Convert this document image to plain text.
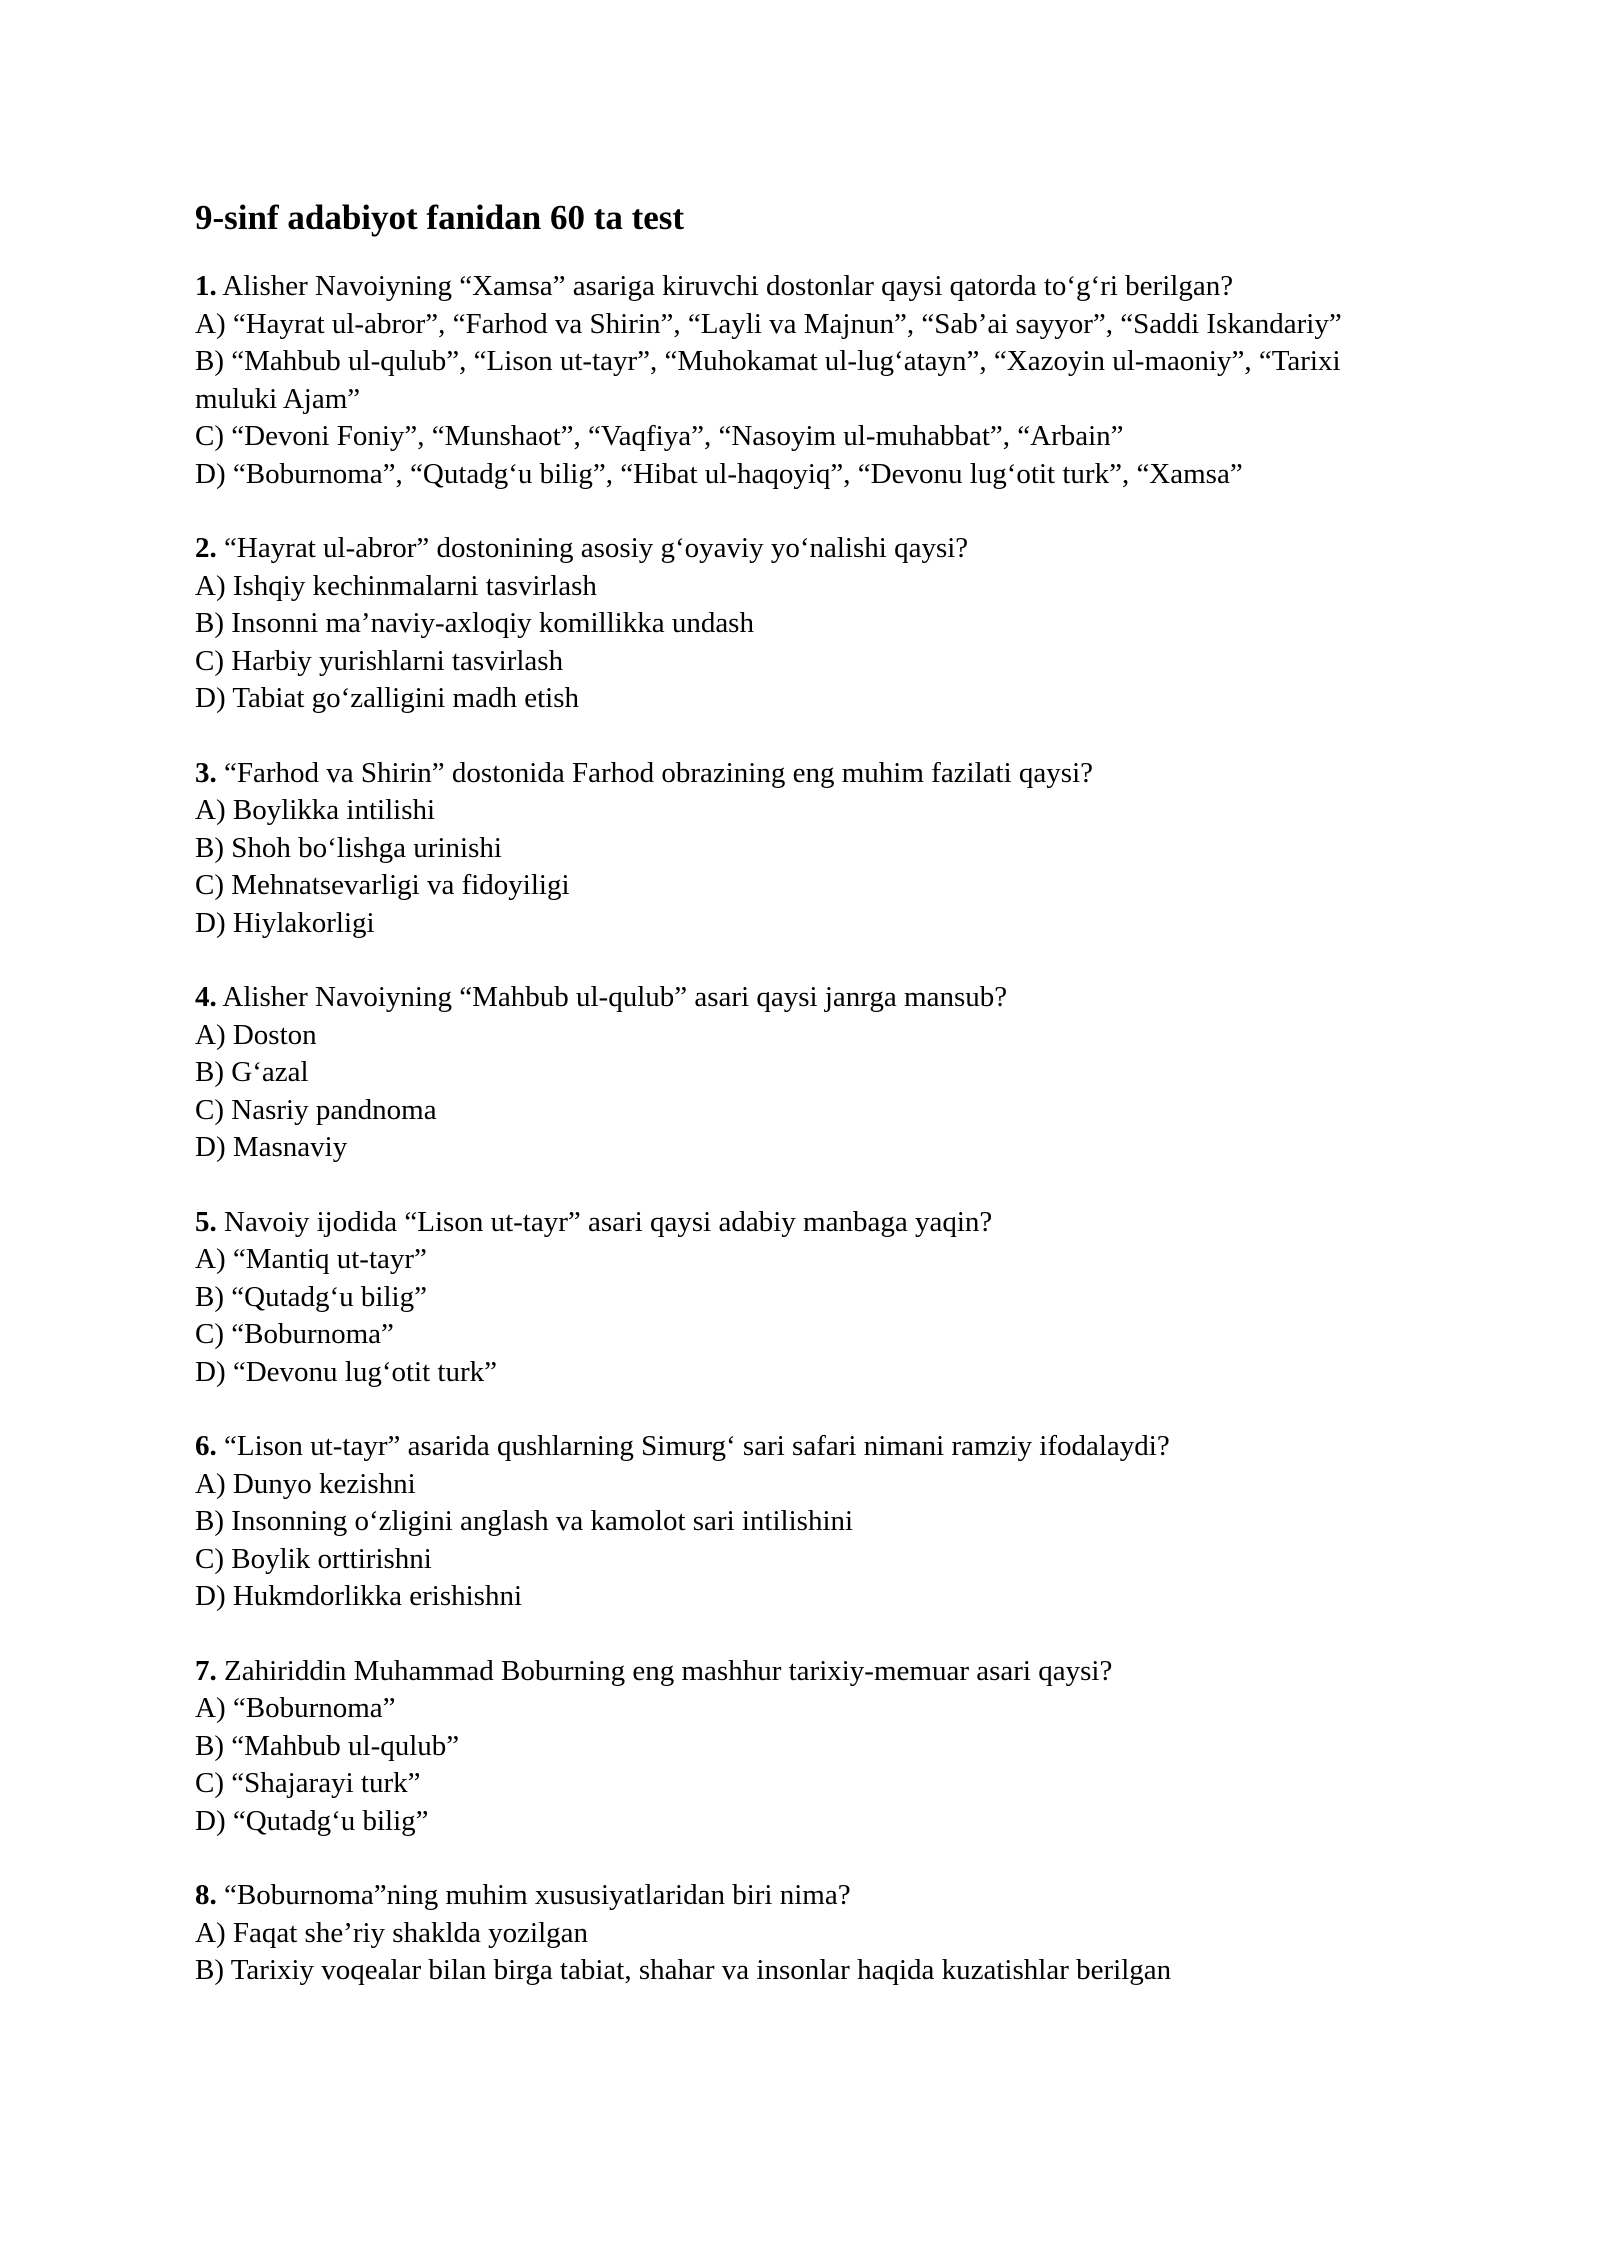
9-sinf adabiyot fanidan 60 ta test

1. Alisher Navoiyning “Xamsa” asariga kiruvchi dostonlar qaysi qatorda to‘g‘ri berilgan?

A) “Hayrat ul-abror”, “Farhod va Shirin”, “Layli va Majnun”, “Sab’ai sayyor”, “Saddi Iskandariy”

B) “Mahbub ul-qulub”, “Lison ut-tayr”, “Muhokamat ul-lug‘atayn”, “Xazoyin ul-maoniy”, “Tarixi muluki Ajam”

C) “Devoni Foniy”, “Munshaot”, “Vaqfiya”, “Nasoyim ul-muhabbat”, “Arbain”

D) “Boburnoma”, “Qutadg‘u bilig”, “Hibat ul-haqoyiq”, “Devonu lug‘otit turk”, “Xamsa”

2. “Hayrat ul-abror” dostonining asosiy g‘oyaviy yo‘nalishi qaysi?

A) Ishqiy kechinmalarni tasvirlash

B) Insonni ma’naviy-axloqiy komillikka undash

C) Harbiy yurishlarni tasvirlash

D) Tabiat go‘zalligini madh etish

3. “Farhod va Shirin” dostonida Farhod obrazining eng muhim fazilati qaysi?

A) Boylikka intilishi

B) Shoh bo‘lishga urinishi

C) Mehnatsevarligi va fidoyiligi

D) Hiylakorligi

4. Alisher Navoiyning “Mahbub ul-qulub” asari qaysi janrga mansub?

A) Doston

B) G‘azal

C) Nasriy pandnoma

D) Masnaviy

5. Navoiy ijodida “Lison ut-tayr” asari qaysi adabiy manbaga yaqin?

A) “Mantiq ut-tayr”

B) “Qutadg‘u bilig”

C) “Boburnoma”

D) “Devonu lug‘otit turk”

6. “Lison ut-tayr” asarida qushlarning Simurg‘ sari safari nimani ramziy ifodalaydi?

A) Dunyo kezishni

B) Insonning o‘zligini anglash va kamolot sari intilishini

C) Boylik orttirishni

D) Hukmdorlikka erishishni

7. Zahiriddin Muhammad Boburning eng mashhur tarixiy-memuar asari qaysi?

A) “Boburnoma”

B) “Mahbub ul-qulub”

C) “Shajarayi turk”

D) “Qutadg‘u bilig”

8. “Boburnoma”ning muhim xususiyatlaridan biri nima?

A) Faqat she’riy shaklda yozilgan

B) Tarixiy voqealar bilan birga tabiat, shahar va insonlar haqida kuzatishlar berilgan
